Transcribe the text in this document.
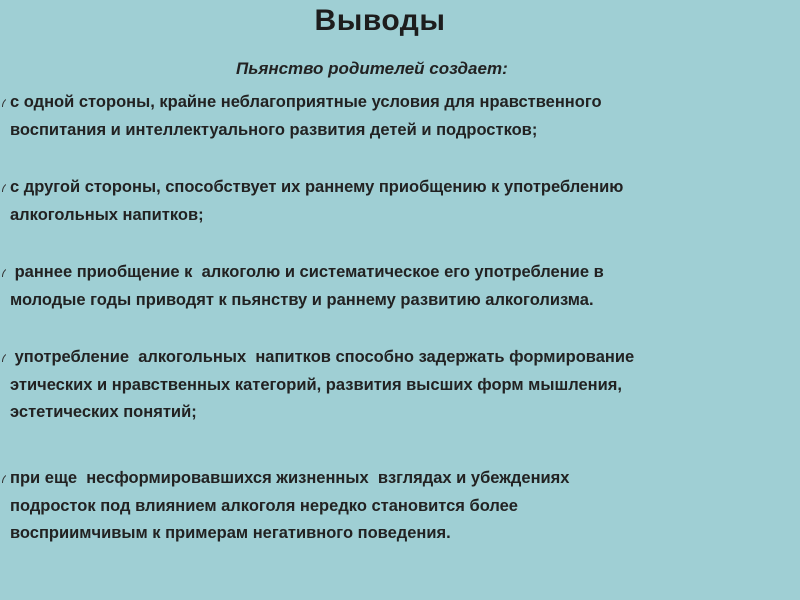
Выводы
Пьянство родителей создает:
с одной стороны, крайне неблагоприятные условия для нравственного
воспитания и интеллектуального развития детей и подростков;
с другой стороны, способствует их раннему приобщению к употреблению
алкогольных напитков;
раннее приобщение к  алкоголю и систематическое его употребление в
молодые годы приводят к пьянству и раннему развитию алкоголизма.
употребление  алкогольных  напитков способно задержать формирование
этических и нравственных категорий, развития высших форм мышления,
эстетических понятий;
при еще  несформировавшихся жизненных  взглядах и убеждениях
подросток под влиянием алкоголя нередко становится более
восприимчивым к примерам негативного поведения.
